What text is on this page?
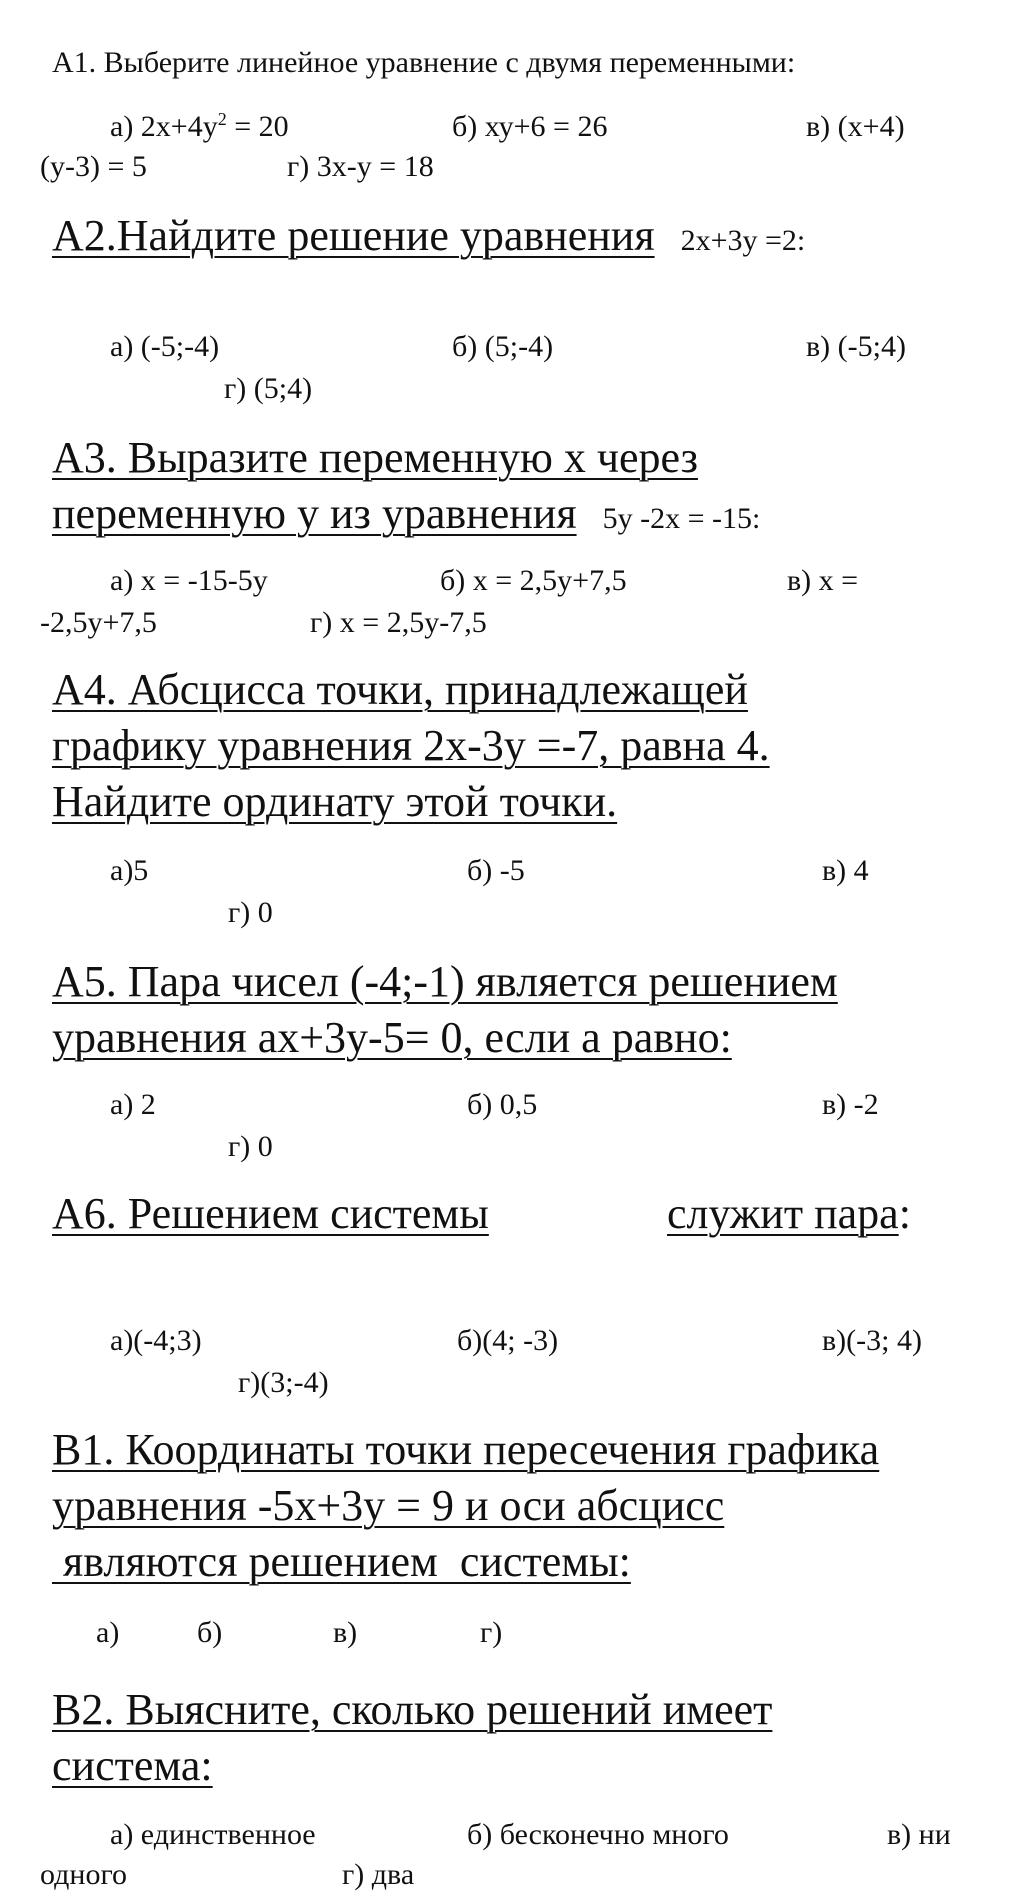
А1. Выберите линейное уравнение с двумя переменными:
а) $2х+4у^2 = 20$	б) ху+6 = 26	в) (х+4)
(у-3) = 5	г) 3х-у = 18
А2.Найдите решение уравнения 2х+3у =2:
а) (-5;-4)	б) (5;-4)	в) (-5;4)
г) (5;4)
А3. Выразите переменную х через
переменную у из уравнения 5у -2х = -15:
а) х = -15-5у	б) х = 2,5у+7,5	в) х =
-2,5у+7,5	г) х = 2,5у-7,5
А4. Абсцисса точки, принадлежащей
графику уравнения 2х-3у =-7, равна 4.
Найдите ординату этой точки.
а)5	б) -5	в) 4
г) 0
А5. Пара чисел (-4;-1) является решением
уравнения ах+3у-5= 0, если а равно:
а) 2	б) 0,5	в) -2
г) 0
А6. Решением системы	служит пара:
а)(-4;3)	б)(4; -3)	в)(-3; 4)
г)(3;-4)
В1. Координаты точки пересечения графика
уравнения -5х+3у = 9 и оси абсцисс
являются решением  системы:
а)	б)	в)	г)
В2. Выясните, сколько решений имеет
система:
а) единственное	б) бесконечно много	в) ни
одного	г) два
